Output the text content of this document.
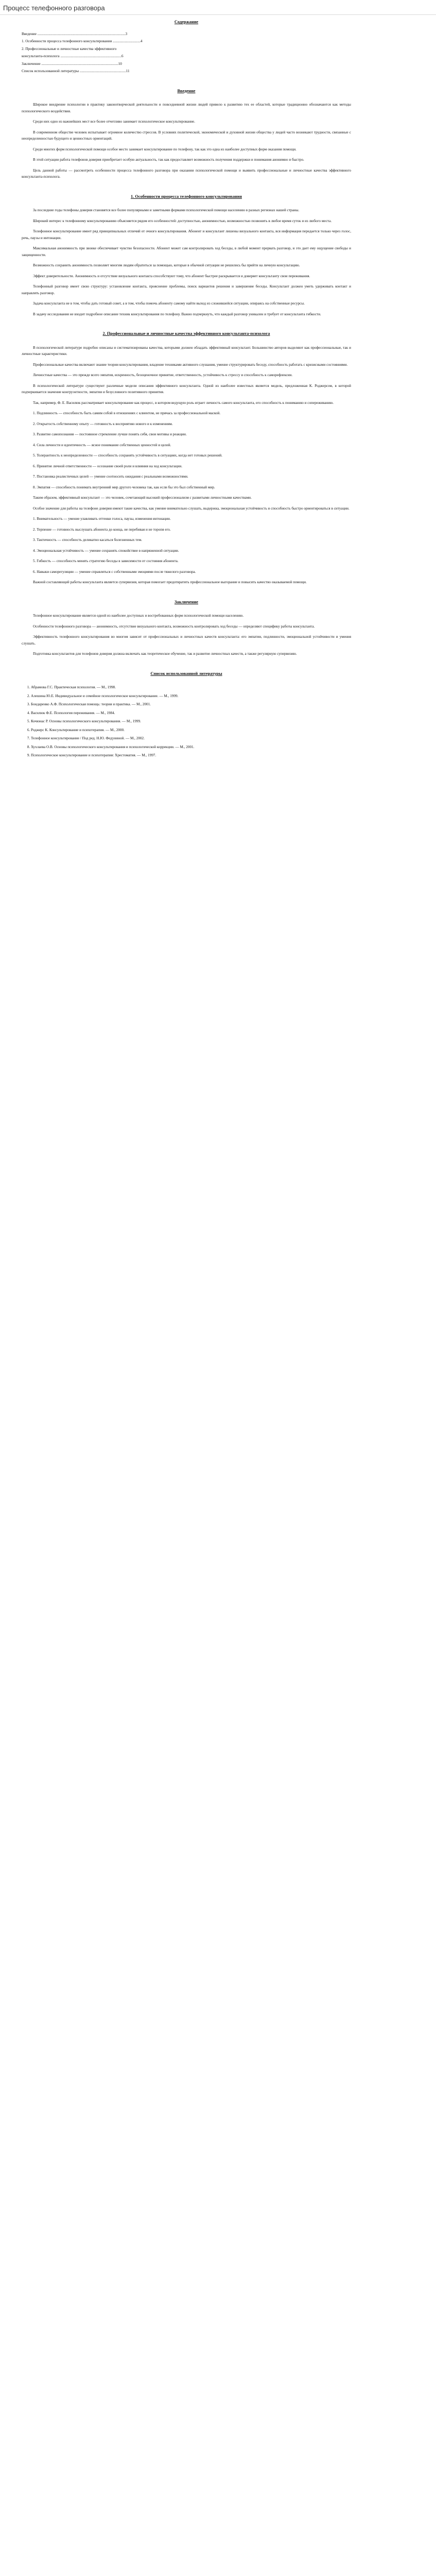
Процесс телефонного разговора
Содержание
Введение ...............................................................................................3
1. Особенности процесса телефонного консультирования ..............................4
2. Профессиональные и личностные качества эффективного
консультанта-психолога ..................................................................6
Заключение ...................................................................................10
Список использованной литературы ..................................................11
Введение

Широкое внедрение психологии в практику законотворческой деятельности и повседневной жизни людей привело к развитию тех ее областей, которые традиционно обозначаются как методы психологического воздействия.

Среди них одно из важнейших мест все более отчетливо занимает психологическое консультирование.

В современном обществе человек испытывает огромное количество стрессов. В условиях политической, экономической и духовной жизни общества у людей часто возникают трудности, связанные с неопределенностью будущего и ценностных ориентаций.

Среди многих форм психологической помощи особое место занимает консультирование по телефону, так как это одна из наиболее доступных форм оказания помощи.

В этой ситуации работа телефонов доверия приобретает особую актуальность, так как предоставляет возможность получения поддержки и понимания анонимно и быстро.

Цель данной работы — рассмотреть особенности процесса телефонного разговора при оказании психологической помощи и выявить профессиональные и личностные качества эффективного консультанта-психолога.

1. Особенности процесса телефонного консультирования

За последние годы телефоны доверия становятся все более популярными и заметными формами психологической помощи населению в разных регионах нашей страны.

Широкий интерес к телефонному консультированию объясняется рядом его особенностей: доступностью, анонимностью, возможностью позвонить в любое время суток и из любого места.

Телефонное консультирование имеет ряд принципиальных отличий от очного консультирования. Абонент и консультант лишены визуального контакта, вся информация передается только через голос, речь, паузы и интонации.

Максимальная анонимность при звонке обеспечивает чувство безопасности. Абонент может сам контролировать ход беседы, в любой момент прервать разговор, и это дает ему ощущение свободы и защищенности.

Возможность сохранить анонимность позволяет многим людям обратиться за помощью, которые в обычной ситуации не решились бы прийти на личную консультацию.

Эффект доверительности. Анонимность и отсутствие визуального контакта способствуют тому, что абонент быстрее раскрывается и доверяет консультанту свои переживания.

Телефонный разговор имеет свою структуру: установление контакта, прояснение проблемы, поиск вариантов решения и завершение беседы. Консультант должен уметь удерживать контакт и направлять разговор.

Задача консультанта не в том, чтобы дать готовый совет, а в том, чтобы помочь абоненту самому найти выход из сложившейся ситуации, опираясь на собственные ресурсы.

В задачу исследования не входит подробное описание техник консультирования по телефону. Важно подчеркнуть, что каждый разговор уникален и требует от консультанта гибкости.

2. Профессиональные и личностные качества эффективного консультанта-психолога

В психологической литературе подробно описаны и систематизированы качества, которыми должен обладать эффективный консультант. Большинство авторов выделяют как профессиональные, так и личностные характеристики.

Профессиональные качества включают знание теории консультирования, владение техниками активного слушания, умение структурировать беседу, способность работать с кризисными состояниями.

Личностные качества — это прежде всего эмпатия, искренность, безоценочное принятие, ответственность, устойчивость к стрессу и способность к саморефлексии.

В психологической литературе существуют различные модели описания эффективного консультанта. Одной из наиболее известных является модель, предложенная К. Роджерсом, в которой подчеркивается значение конгруэнтности, эмпатии и безусловного позитивного принятия.

Так, например, Ф. Е. Василюк рассматривает консультирование как процесс, в котором ведущую роль играет личность самого консультанта, его способность к пониманию и сопереживанию.

1. Подлинность — способность быть самим собой в отношениях с клиентом, не прячась за профессиональной маской.

2. Открытость собственному опыту — готовность к восприятию нового и к изменениям.

3. Развитие самопознания — постоянное стремление лучше понять себя, свои мотивы и реакции.

4. Сила личности и идентичность — ясное понимание собственных ценностей и целей.

5. Толерантность к неопределенности — способность сохранять устойчивость в ситуациях, когда нет готовых решений.

6. Принятие личной ответственности — осознание своей роли и влияния на ход консультации.

7. Постановка реалистичных целей — умение соотносить ожидания с реальными возможностями.

8. Эмпатия — способность понимать внутренний мир другого человека так, как если бы это был собственный мир.

Таким образом, эффективный консультант — это человек, сочетающий высокий профессионализм с развитыми личностными качествами.

Особое значение для работы на телефоне доверия имеют такие качества, как умение внимательно слушать, выдержка, эмоциональная устойчивость и способность быстро ориентироваться в ситуации.

1. Внимательность — умение улавливать оттенки голоса, паузы, изменения интонации.

2. Терпение — готовность выслушать абонента до конца, не перебивая и не торопя его.

3. Тактичность — способность деликатно касаться болезненных тем.

4. Эмоциональная устойчивость — умение сохранять спокойствие в напряженной ситуации.

5. Гибкость — способность менять стратегию беседы в зависимости от состояния абонента.

6. Навыки саморегуляции — умение справляться с собственными эмоциями после тяжелого разговора.

Важной составляющей работы консультанта является супервизия, которая помогает предотвратить профессиональное выгорание и повысить качество оказываемой помощи.

Заключение

Телефонное консультирование является одной из наиболее доступных и востребованных форм психологической помощи населению.

Особенности телефонного разговора — анонимность, отсутствие визуального контакта, возможность контролировать ход беседы — определяют специфику работы консультанта.

Эффективность телефонного консультирования во многом зависит от профессиональных и личностных качеств консультанта: его эмпатии, подлинности, эмоциональной устойчивости и умения слушать.

Подготовка консультантов для телефонов доверия должна включать как теоретическое обучение, так и развитие личностных качеств, а также регулярную супервизию.

Список использованной литературы
1. Абрамова Г.С. Практическая психология. — М., 1998.
2. Алешина Ю.Е. Индивидуальное и семейное психологическое консультирование. — М., 1999.
3. Бондаренко А.Ф. Психологическая помощь: теория и практика. — М., 2001.
4. Василюк Ф.Е. Психология переживания. — М., 1984.
5. Кочюнас Р. Основы психологического консультирования. — М., 1999.
6. Роджерс К. Консультирование и психотерапия. — М., 2000.
7. Телефонное консультирование / Под ред. Н.Ю. Федуниной. — М., 2002.
8. Хухлаева О.В. Основы психологического консультирования и психологической коррекции. — М., 2001.
9. Психологическое консультирование и психотерапия: Хрестоматия. — М., 1997.
